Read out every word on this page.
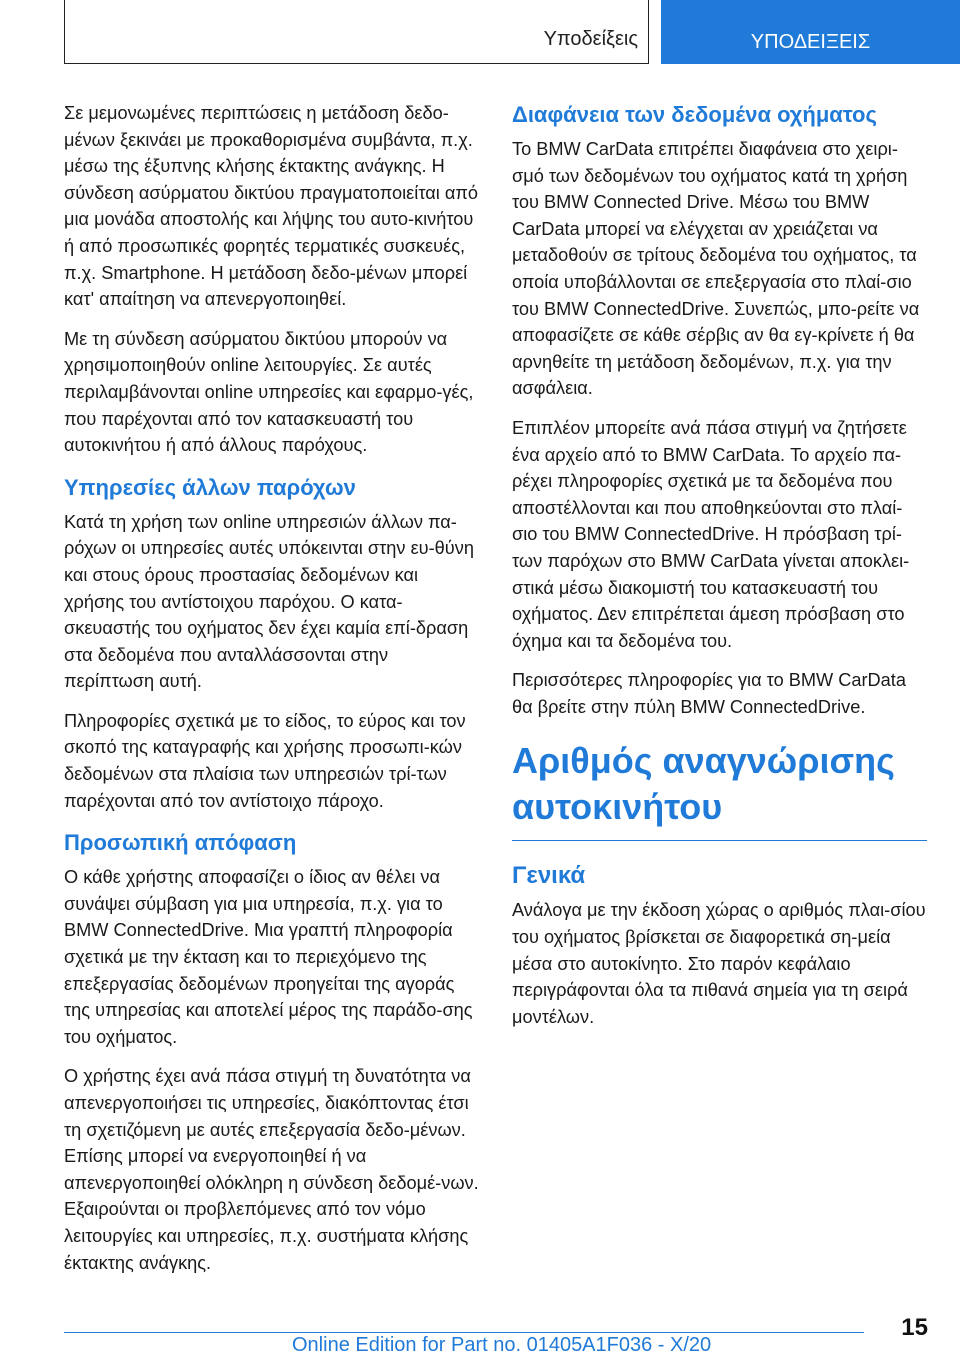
Υποδείξεις	ΥΠΟΔΕΙΞΕΙΣ

Σε μεμονωμένες περιπτώσεις η μετάδοση δεδο-μένων ξεκινάει με προκαθορισμένα συμβάντα, π.χ. μέσω της έξυπνης κλήσης έκτακτης ανάγκης. Η σύνδεση ασύρματου δικτύου πραγματοποιείται από μια μονάδα αποστολής και λήψης του αυτο-κινήτου ή από προσωπικές φορητές τερματικές συσκευές, π.χ. Smartphone. Η μετάδοση δεδο-μένων μπορεί κατ' απαίτηση να απενεργοποιηθεί.

Με τη σύνδεση ασύρματου δικτύου μπορούν να χρησιμοποιηθούν online λειτουργίες. Σε αυτές περιλαμβάνονται online υπηρεσίες και εφαρμο-γές, που παρέχονται από τον κατασκευαστή του αυτοκινήτου ή από άλλους παρόχους.

Υπηρεσίες άλλων παρόχων

Κατά τη χρήση των online υπηρεσιών άλλων πα-ρόχων οι υπηρεσίες αυτές υπόκεινται στην ευ-θύνη και στους όρους προστασίας δεδομένων και χρήσης του αντίστοιχου παρόχου. Ο κατα-σκευαστής του οχήματος δεν έχει καμία επί-δραση στα δεδομένα που ανταλλάσσονται στην περίπτωση αυτή.

Πληροφορίες σχετικά με το είδος, το εύρος και τον σκοπό της καταγραφής και χρήσης προσωπι-κών δεδομένων στα πλαίσια των υπηρεσιών τρί-των παρέχονται από τον αντίστοιχο πάροχο.

Προσωπική απόφαση

Ο κάθε χρήστης αποφασίζει ο ίδιος αν θέλει να συνάψει σύμβαση για μια υπηρεσία, π.χ. για το BMW ConnectedDrive. Μια γραπτή πληροφορία σχετικά με την έκταση και το περιεχόμενο της επεξεργασίας δεδομένων προηγείται της αγοράς της υπηρεσίας και αποτελεί μέρος της παράδο-σης του οχήματος.

Ο χρήστης έχει ανά πάσα στιγμή τη δυνατότητα να απενεργοποιήσει τις υπηρεσίες, διακόπτοντας έτσι τη σχετιζόμενη με αυτές επεξεργασία δεδο-μένων. Επίσης μπορεί να ενεργοποιηθεί ή να απενεργοποιηθεί ολόκληρη η σύνδεση δεδομέ-νων. Εξαιρούνται οι προβλεπόμενες από τον νόμο λειτουργίες και υπηρεσίες, π.χ. συστήματα κλήσης έκτακτης ανάγκης.

Διαφάνεια των δεδομένα οχήματος

Το BMW CarData επιτρέπει διαφάνεια στο χειρι-σμό των δεδομένων του οχήματος κατά τη χρήση του BMW Connected Drive. Μέσω του BMW CarData μπορεί να ελέγχεται αν χρειάζεται να μεταδοθούν σε τρίτους δεδομένα του οχήματος, τα οποία υποβάλλονται σε επεξεργασία στο πλαί-σιο του BMW ConnectedDrive. Συνεπώς, μπο-ρείτε να αποφασίζετε σε κάθε σέρβις αν θα εγ-κρίνετε ή θα αρνηθείτε τη μετάδοση δεδομένων, π.χ. για την ασφάλεια.

Επιπλέον μπορείτε ανά πάσα στιγμή να ζητήσετε ένα αρχείο από το BMW CarData. Το αρχείο πα-ρέχει πληροφορίες σχετικά με τα δεδομένα που αποστέλλονται και που αποθηκεύονται στο πλαί-σιο του BMW ConnectedDrive. Η πρόσβαση τρί-των παρόχων στο BMW CarData γίνεται αποκλει-στικά μέσω διακομιστή του κατασκευαστή του οχήματος. Δεν επιτρέπεται άμεση πρόσβαση στο όχημα και τα δεδομένα του.

Περισσότερες πληροφορίες για το BMW CarData θα βρείτε στην πύλη BMW ConnectedDrive.

Αριθμός αναγνώρισης αυτοκινήτου
Γενικά

Ανάλογα με την έκδοση χώρας ο αριθμός πλαι-σίου του οχήματος βρίσκεται σε διαφορετικά ση-μεία μέσα στο αυτοκίνητο. Στο παρόν κεφάλαιο περιγράφονται όλα τα πιθανά σημεία για τη σειρά μοντέλων.

15
Online Edition for Part no. 01405A1F036 - X/20
